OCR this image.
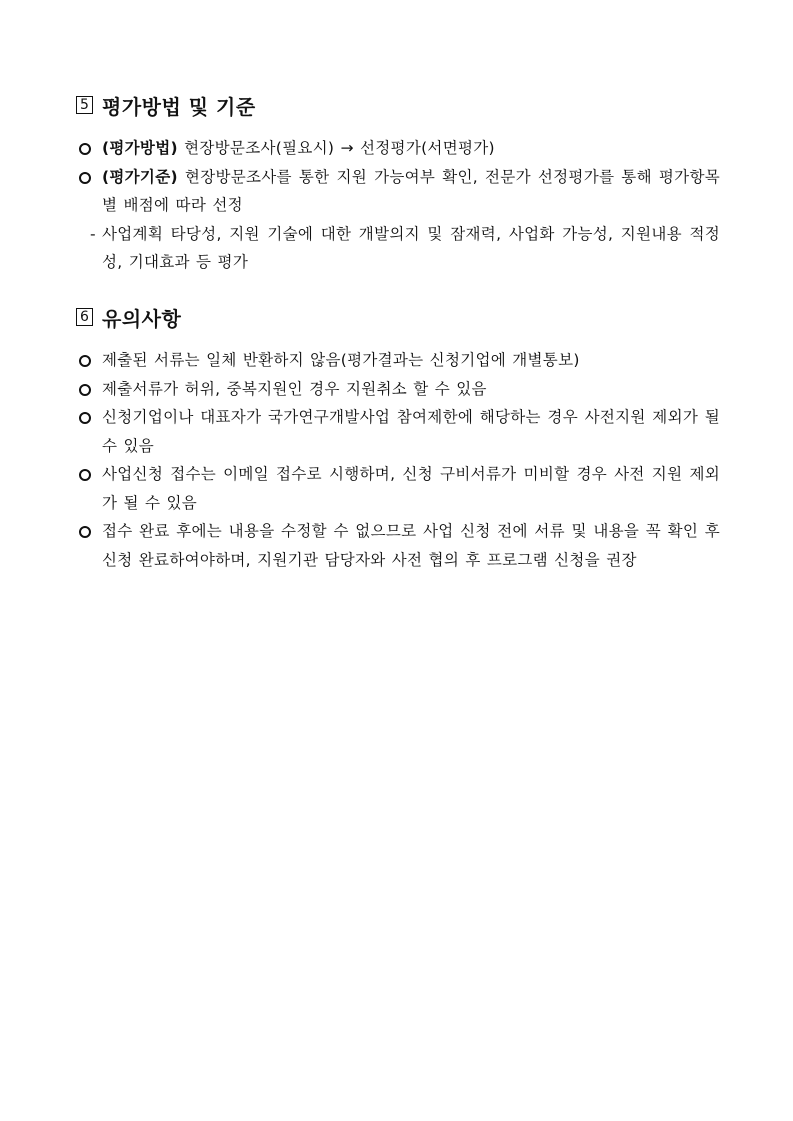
5 평가방법 및 기준
(평가방법) 현장방문조사(필요시) → 선정평가(서면평가)
(평가기준) 현장방문조사를 통한 지원 가능여부 확인, 전문가 선정평가를 통해 평가항목별 배점에 따라 선정
- 사업계획 타당성, 지원 기술에 대한 개발의지 및 잠재력, 사업화 가능성, 지원내용 적정성, 기대효과 등 평가
6 유의사항
제출된 서류는 일체 반환하지 않음(평가결과는 신청기업에 개별통보)
제출서류가 허위, 중복지원인 경우 지원취소 할 수 있음
신청기업이나 대표자가 국가연구개발사업 참여제한에 해당하는 경우 사전지원 제외가 될 수 있음
사업신청 접수는 이메일 접수로 시행하며, 신청 구비서류가 미비할 경우 사전 지원 제외가 될 수 있음
접수 완료 후에는 내용을 수정할 수 없으므로 사업 신청 전에 서류 및 내용을 꼭 확인 후 신청 완료하여야하며, 지원기관 담당자와 사전 협의 후 프로그램 신청을 권장
